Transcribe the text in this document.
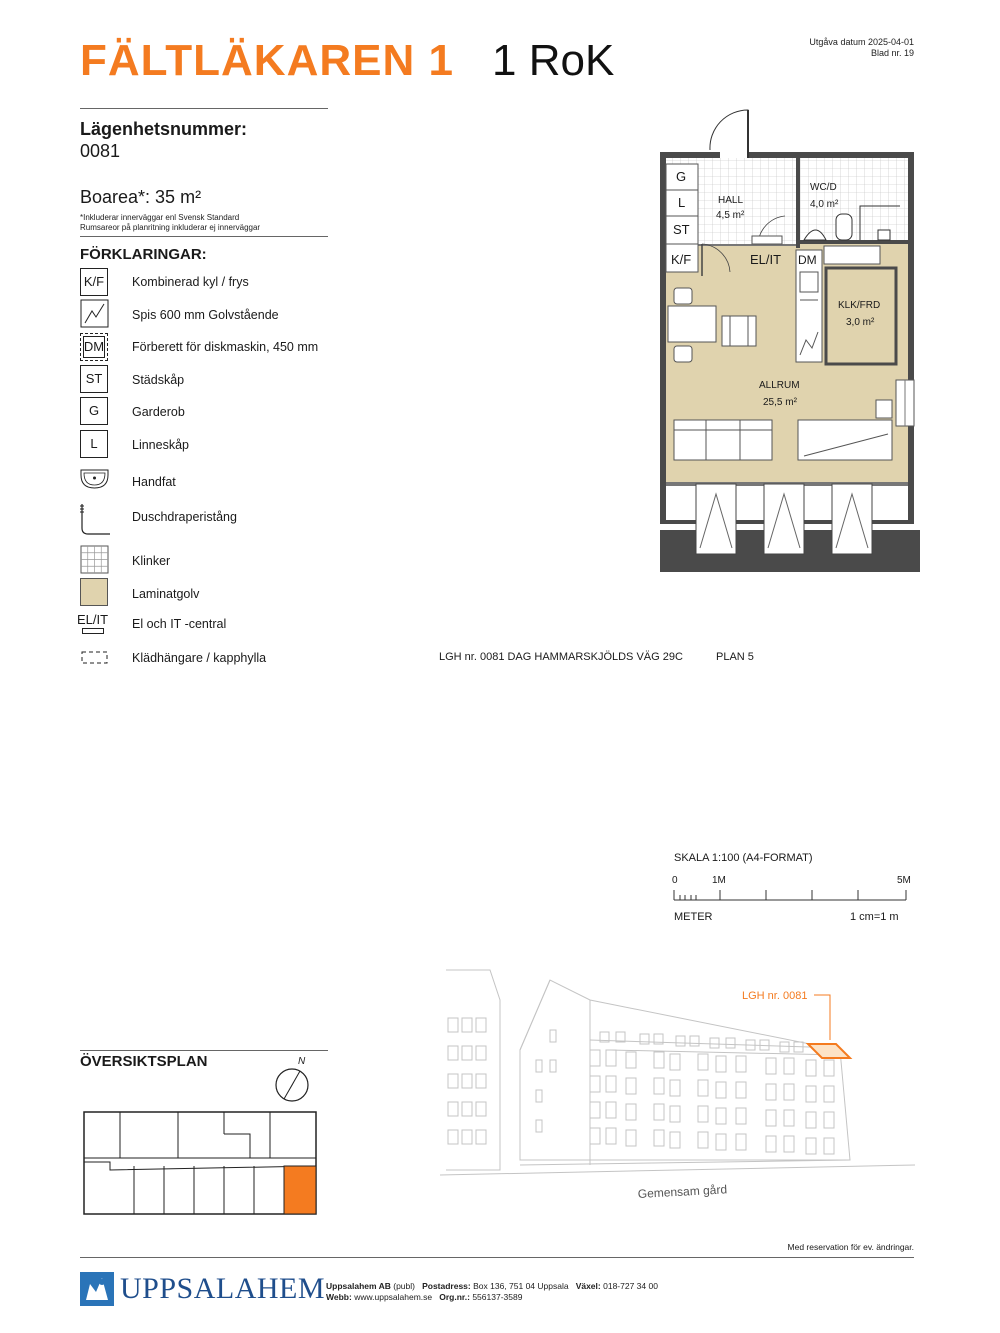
FÄLTLÄKAREN 1 1 RoK	Utgåva datum 2025-04-01
Blad nr. 19
Lägenhetsnummer:
0081
Boarea*: 35 m²
*Inkluderar innerväggar enl Svensk Standard
Rumsareor på planritning inkluderar ej innerväggar
FÖRKLARINGAR:
K/F	Kombinerad kyl / frys
Spis 600 mm Golvstående
DM	Förberett för diskmaskin, 450 mm
ST	Städskåp
G	Garderob
L	Linneskåp
Handfat
Duschdraperistång
Klinker
Laminatgolv
EL/IT	El och IT -central
Klädhängare / kapphylla
G
L
ST
K/F	EL/IT DM
HALL
4,5 m²
WC/D
4,0 m²
KLK/FRD
3,0 m²
ALLRUM
25,5 m²
LGH nr. 0081 DAG HAMMARSKJÖLDS VÄG 29C	PLAN 5
SKALA 1:100 (A4-FORMAT)
0	1M	5M
METER	1 cm=1 m
ÖVERSIKTSPLAN	N
LGH nr. 0081
Gemensam gård
Med reservation för ev. ändringar.
UPPSALAHEM Uppsalahem AB (publ) Postadress: Box 136, 751 04 Uppsala Växel: 018-727 34 00
Webb: www.uppsalahem.se Org.nr.: 556137-3589
